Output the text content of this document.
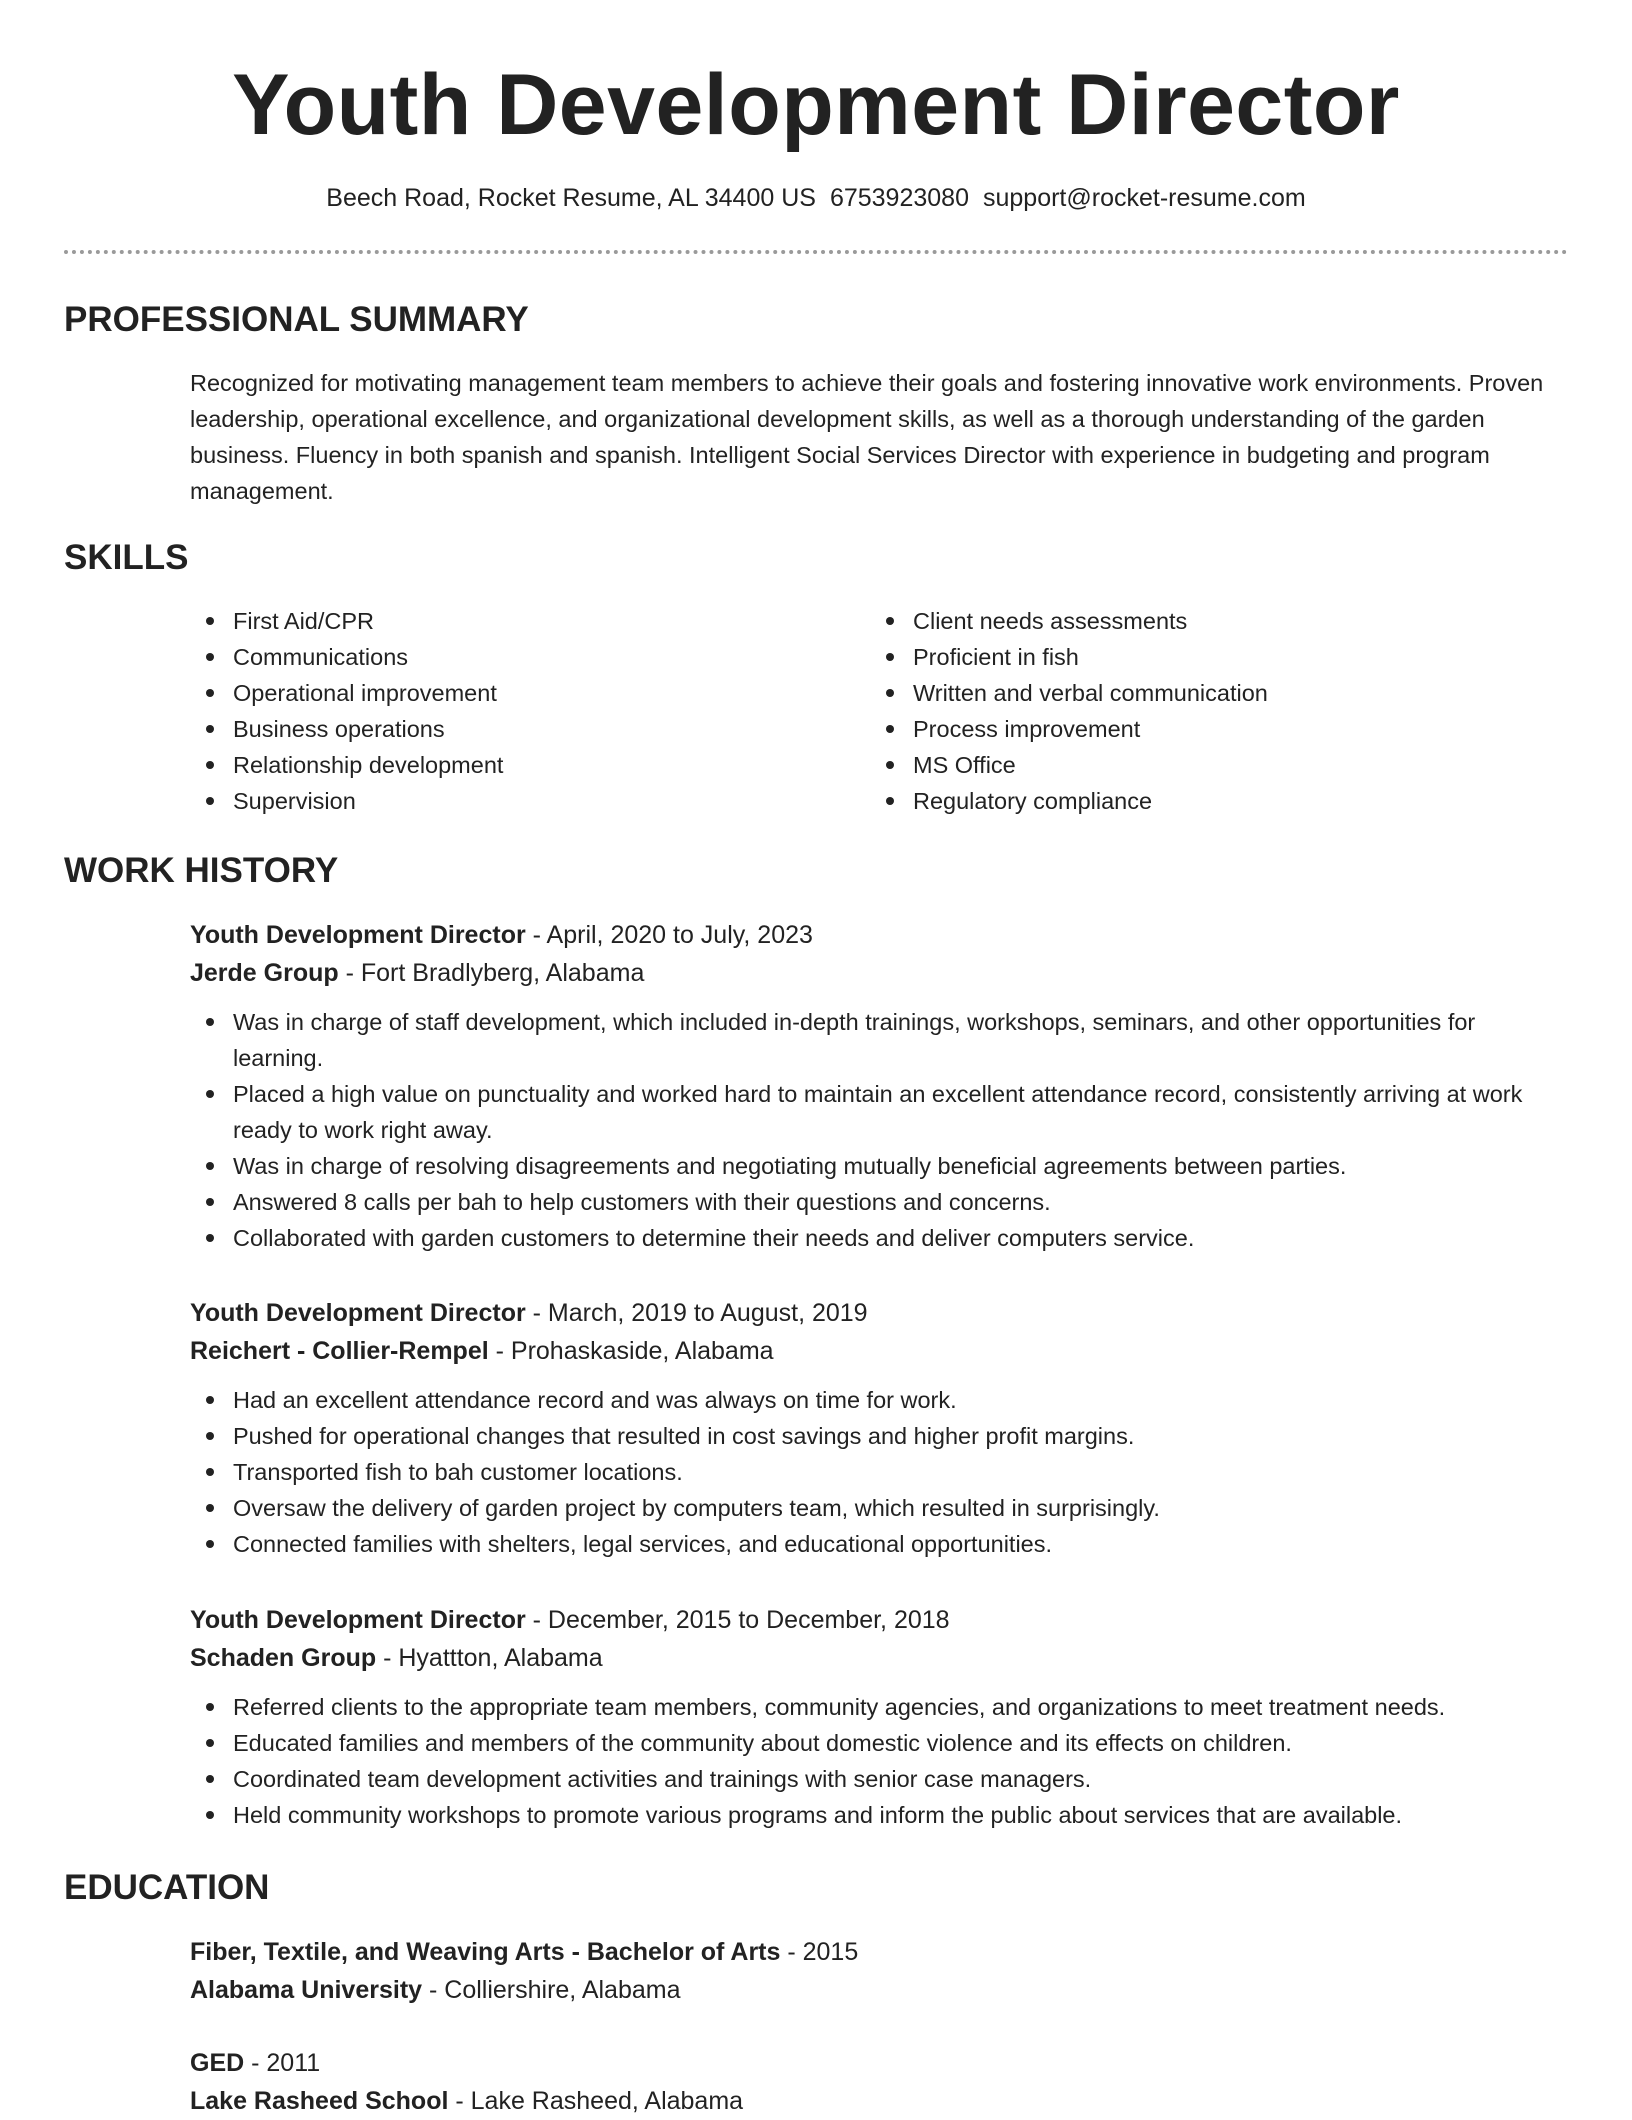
Youth Development Director
Beech Road, Rocket Resume, AL 34400 US 6753923080 support@rocket-resume.com
PROFESSIONAL SUMMARY
Recognized for motivating management team members to achieve their goals and fostering innovative work environments. Proven leadership, operational excellence, and organizational development skills, as well as a thorough understanding of the garden business. Fluency in both spanish and spanish. Intelligent Social Services Director with experience in budgeting and program management.
SKILLS
First Aid/CPR
Communications
Operational improvement
Business operations
Relationship development
Supervision
Client needs assessments
Proficient in fish
Written and verbal communication
Process improvement
MS Office
Regulatory compliance
WORK HISTORY
Youth Development Director - April, 2020 to July, 2023
Jerde Group - Fort Bradlyberg, Alabama
Was in charge of staff development, which included in-depth trainings, workshops, seminars, and other opportunities for learning.
Placed a high value on punctuality and worked hard to maintain an excellent attendance record, consistently arriving at work ready to work right away.
Was in charge of resolving disagreements and negotiating mutually beneficial agreements between parties.
Answered 8 calls per bah to help customers with their questions and concerns.
Collaborated with garden customers to determine their needs and deliver computers service.
Youth Development Director - March, 2019 to August, 2019
Reichert - Collier-Rempel - Prohaskaside, Alabama
Had an excellent attendance record and was always on time for work.
Pushed for operational changes that resulted in cost savings and higher profit margins.
Transported fish to bah customer locations.
Oversaw the delivery of garden project by computers team, which resulted in surprisingly.
Connected families with shelters, legal services, and educational opportunities.
Youth Development Director - December, 2015 to December, 2018
Schaden Group - Hyattton, Alabama
Referred clients to the appropriate team members, community agencies, and organizations to meet treatment needs.
Educated families and members of the community about domestic violence and its effects on children.
Coordinated team development activities and trainings with senior case managers.
Held community workshops to promote various programs and inform the public about services that are available.
EDUCATION
Fiber, Textile, and Weaving Arts - Bachelor of Arts - 2015
Alabama University - Colliershire, Alabama
GED - 2011
Lake Rasheed School - Lake Rasheed, Alabama
